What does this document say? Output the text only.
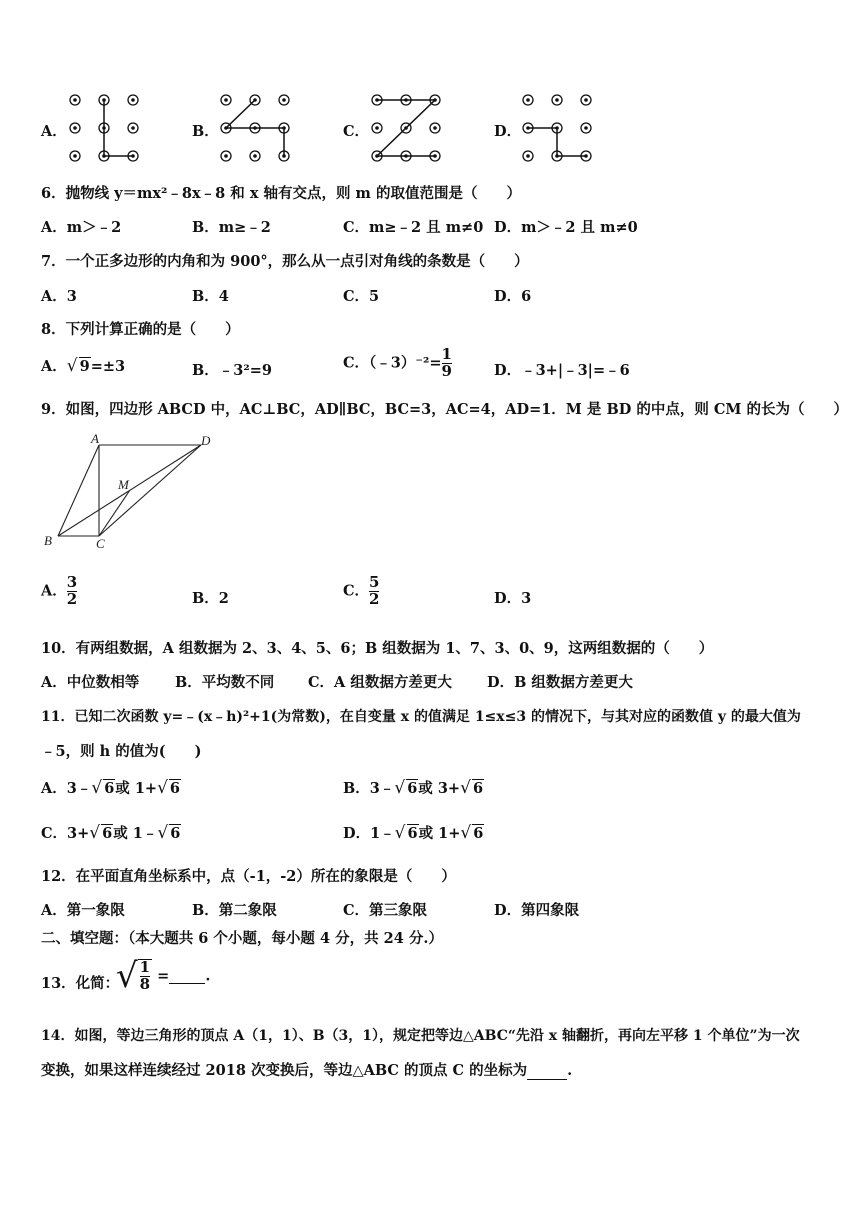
A．	B．	C．	D．
6．抛物线 y＝mx²﹣8x﹣8 和 x 轴有交点，则 m 的取值范围是（　　）
A．m＞﹣2	B．m≥﹣2	C．m≥﹣2 且 m≠0 D．m＞﹣2 且 m≠0
7．一个正多边形的内角和为 900°，那么从一点引对角线的条数是（　　）
A．3	B．4	C．5	D．6
8．下列计算正确的是（　　）
A．√ 9=±3	B．﹣3²=9	C．（﹣3）⁻²= $\frac{1}{9}$	D．﹣3+|﹣3|=﹣6
9．如图，四边形 ABCD 中，AC⊥BC，AD∥BC，BC=3，AC=4，AD=1．M 是 BD 的中点，则 CM 的长为（　　）
A	D
M
B	C
A． $\frac{3}{2}$	B．2	C． $\frac{5}{2}$	D．3
10．有两组数据，A 组数据为 2、3、4、5、6；B 组数据为 1、7、3、0、9，这两组数据的（　　）
A．中位数相等 B．平均数不同 C．A 组数据方差更大 D．B 组数据方差更大
11．已知二次函数 y=﹣(x﹣h)²+1(为常数)，在自变量 x 的值满足 1≤x≤3 的情况下，与其对应的函数值 y 的最大值为
﹣5，则 h 的值为(　　)
A．3﹣√ 6或 1+√ 6	B．3﹣√ 6或 3+√ 6
C．3+√ 6或 1﹣√ 6	D．1﹣√ 6或 1+√ 6
12．在平面直角坐标系中，点（-1，-2）所在的象限是（　　）
A．第一象限	B．第二象限	C．第三象限	D．第四象限
二、填空题：（本大题共 6 个小题，每小题 4 分，共 24 分.）
13．化简：
√ $\frac{1}{8}$ = .
14．如图，等边三角形的顶点 A（1，1）、B（3，1），规定把等边△ABC“先沿 x 轴翻折，再向左平移 1 个单位”为一次
变换，如果这样连续经过 2018 次变换后，等边△ABC 的顶点 C 的坐标为	.
